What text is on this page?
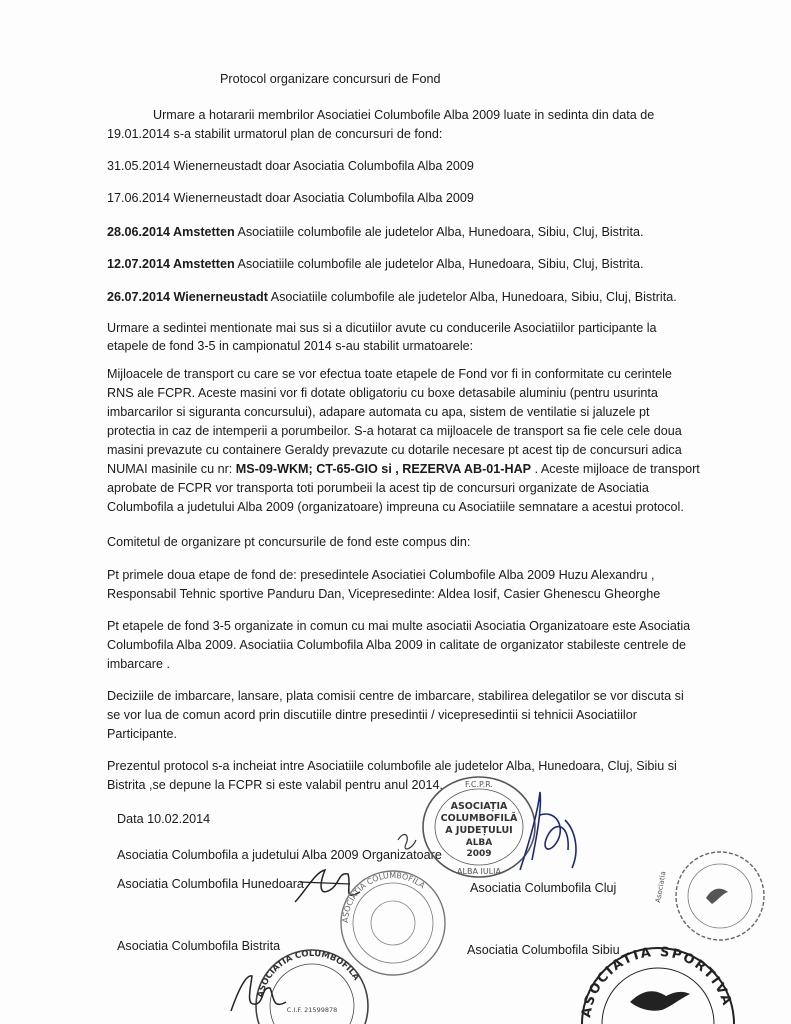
Protocol organizare concursuri de Fond
Urmare a hotararii membrilor Asociatiei Columbofile Alba 2009 luate in sedinta din data de
19.01.2014 s-a stabilit urmatorul plan de concursuri de fond:
31.05.2014 Wienerneustadt doar Asociatia Columbofila Alba 2009
17.06.2014 Wienerneustadt doar Asociatia Columbofila Alba 2009
28.06.2014 Amstetten Asociatiile columbofile ale judetelor Alba, Hunedoara, Sibiu, Cluj, Bistrita.
12.07.2014 Amstetten Asociatiile columbofile ale judetelor Alba, Hunedoara, Sibiu, Cluj, Bistrita.
26.07.2014 Wienerneustadt Asociatiile columbofile ale judetelor Alba, Hunedoara, Sibiu, Cluj, Bistrita.
Urmare a sedintei mentionate mai sus si a dicutiilor avute cu conducerile Asociatiilor participante la
etapele de fond 3-5 in campionatul 2014 s-au stabilit urmatoarele:
Mijloacele de transport cu care se vor efectua toate etapele de Fond vor fi in conformitate cu cerintele
RNS ale FCPR. Aceste masini vor fi dotate obligatoriu cu boxe detasabile aluminiu (pentru usurinta
imbarcarilor si siguranta concursului), adapare automata cu apa, sistem de ventilatie si jaluzele pt
protectia in caz de intemperii a porumbeilor. S-a hotarat ca mijloacele de transport sa fie cele cele doua
masini prevazute cu containere Geraldy prevazute cu dotarile necesare pt acest tip de concursuri adica
NUMAI masinile cu nr: MS-09-WKM; CT-65-GIO si , REZERVA AB-01-HAP . Aceste mijloace de transport
aprobate de FCPR vor transporta toti porumbeii la acest tip de concursuri organizate de Asociatia
Columbofila a judetului Alba 2009 (organizatoare) impreuna cu Asociatiile semnatare a acestui protocol.
Comitetul de organizare pt concursurile de fond este compus din:
Pt primele doua etape de fond de: presedintele Asociatiei Columbofile Alba 2009 Huzu Alexandru ,
Responsabil Tehnic sportive Panduru Dan, Vicepresedinte: Aldea Iosif, Casier Ghenescu Gheorghe
Pt etapele de fond 3-5 organizate in comun cu mai multe asociatii Asociatia Organizatoare este Asociatia
Columbofila Alba 2009. Asociatiia Columbofila Alba 2009 in calitate de organizator stabileste centrele de
imbarcare .
Deciziile de imbarcare, lansare, plata comisii centre de imbarcare, stabilirea delegatilor se vor discuta si
se vor lua de comun acord prin discutiile dintre presedintii / vicepresedintii si tehnicii Asociatiilor
Participante.
Prezentul protocol s-a incheiat intre Asociatiile columbofile ale judetelor Alba, Hunedoara, Cluj, Sibiu si
Bistrita ,se depune la FCPR si este valabil pentru anul 2014.
Data 10.02.2014
Asociatia Columbofila a judetului Alba 2009 Organizatoare
Asociatia Columbofila Hunedoara	Asociatia Columbofila Cluj
Asociatia Columbofila Bistrita	Asociatia Columbofila Sibiu
F.C.P.R.
ASOCIAȚIA
COLUMBOFILĂ
A JUDEȚULUI
ALBA
2009
ALBA IULIA
ASOCIATIA COLUMBOFILA	Asociatia
ASOCIATIA COLUMBOFILA
C.I.F. 21599878	ASOCIATIA SPORTIVA
